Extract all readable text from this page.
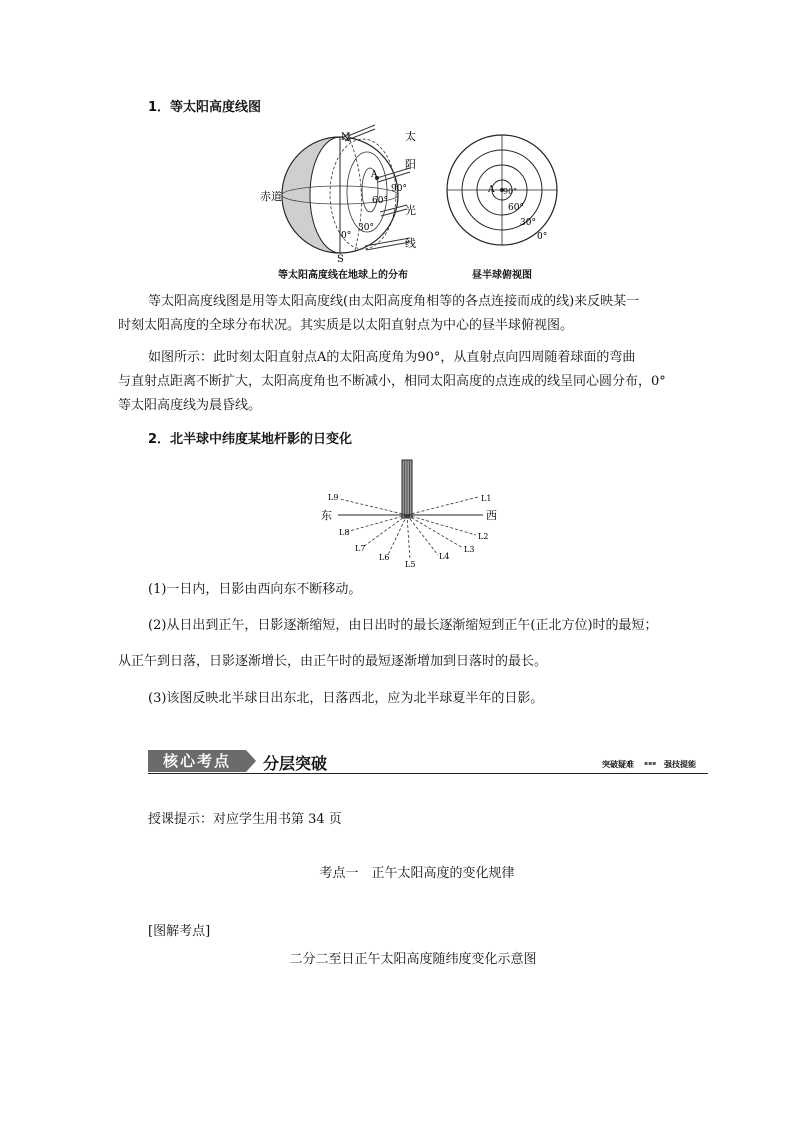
1．等太阳高度线图
N
S
A
赤道
90°
60°
30°
0°
太
阳
光
线
等太阳高度线在地球上的分布
A 90°
60°
30°
0°
昼半球俯视图
等太阳高度线图是用等太阳高度线(由太阳高度角相等的各点连接而成的线)来反映某一
时刻太阳高度的全球分布状况。其实质是以太阳直射点为中心的昼半球俯视图。
如图所示：此时刻太阳直射点A的太阳高度角为90°，从直射点向四周随着球面的弯曲
与直射点距离不断扩大，太阳高度角也不断减小，相同太阳高度的点连成的线呈同心圆分布，0°
等太阳高度线为晨昏线。
2．北半球中纬度某地杆影的日变化
东	西
L1
L2
L3
L4
L5
L6
L7
L8
L9
(1)一日内，日影由西向东不断移动。
(2)从日出到正午，日影逐渐缩短，由日出时的最长逐渐缩短到正午(正北方位)时的最短；
从正午到日落，日影逐渐增长，由正午时的最短逐渐增加到日落时的最长。
(3)该图反映北半球日出东北，日落西北，应为北半球夏半年的日影。
核心考点	分层突破	突破疑难 ▪▪▪ 强技提能
授课提示：对应学生用书第 34 页
考点一　正午太阳高度的变化规律
[图解考点]
二分二至日正午太阳高度随纬度变化示意图
